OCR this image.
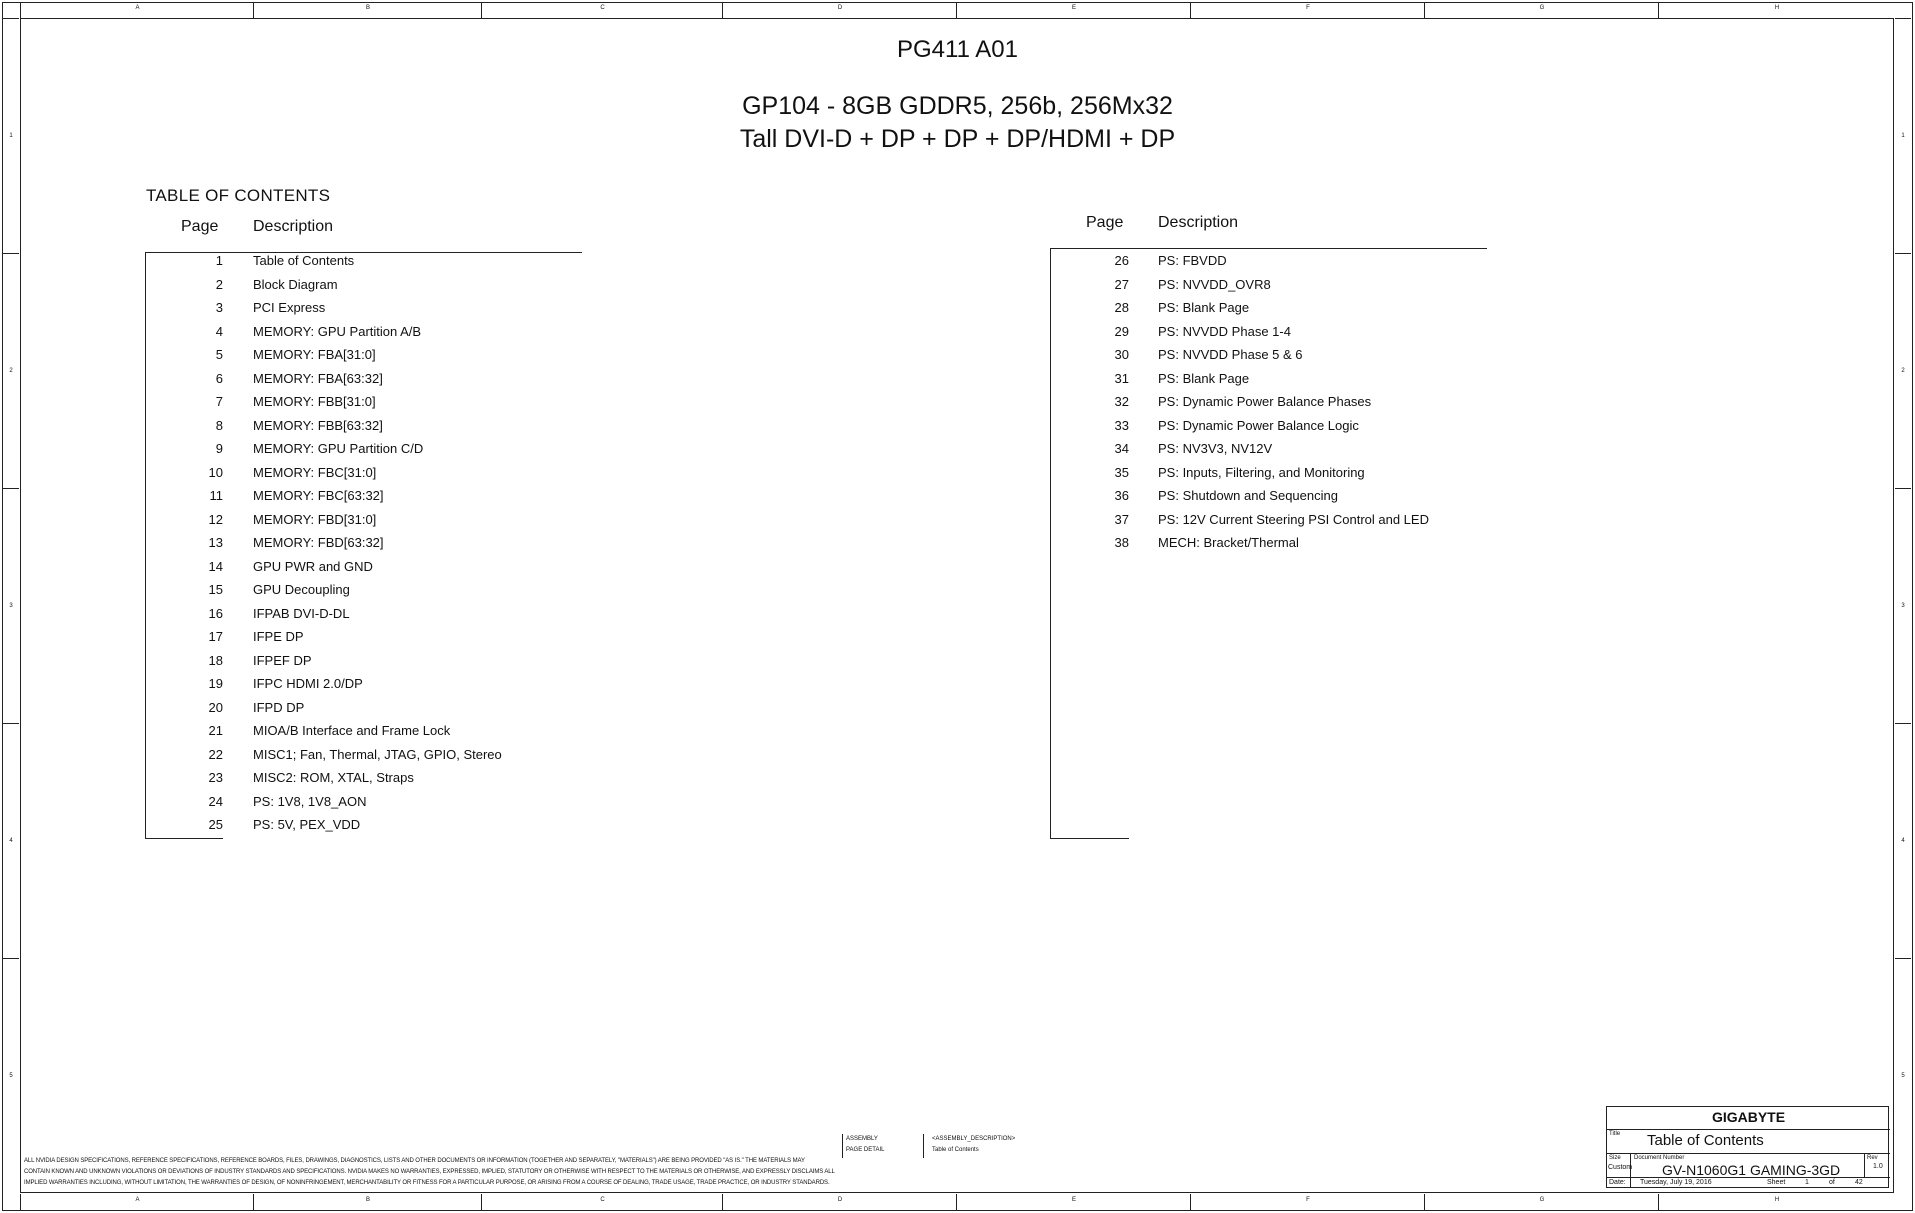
A	B	C	D	E	F	G	H
A	B	C	D	E	F	G	H
1
2
3
4
5
1
2
3
4
5
PG411 A01
GP104 - 8GB GDDR5, 256b, 256Mx32
Tall DVI-D + DP + DP + DP/HDMI + DP
TABLE OF CONTENTS
Page Description	Page Description
1 Table of Contents
2 Block Diagram
3 PCI Express
4 MEMORY: GPU Partition A/B
5 MEMORY: FBA[31:0]
6 MEMORY: FBA[63:32]
7 MEMORY: FBB[31:0]
8 MEMORY: FBB[63:32]
9 MEMORY: GPU Partition C/D
10 MEMORY: FBC[31:0]
11 MEMORY: FBC[63:32]
12 MEMORY: FBD[31:0]
13 MEMORY: FBD[63:32]
14 GPU PWR and GND
15 GPU Decoupling
16 IFPAB DVI-D-DL
17 IFPE DP
18 IFPEF DP
19 IFPC HDMI 2.0/DP
20 IFPD DP
21 MIOA/B Interface and Frame Lock
22 MISC1; Fan, Thermal, JTAG, GPIO, Stereo
23 MISC2: ROM, XTAL, Straps
24 PS: 1V8, 1V8_AON
25 PS: 5V, PEX_VDD
26 PS: FBVDD
27 PS: NVVDD_OVR8
28 PS: Blank Page
29 PS: NVVDD Phase 1-4
30 PS: NVVDD Phase 5 & 6
31 PS: Blank Page
32 PS: Dynamic Power Balance Phases
33 PS: Dynamic Power Balance Logic
34 PS: NV3V3, NV12V
35 PS: Inputs, Filtering, and Monitoring
36 PS: Shutdown and Sequencing
37 PS: 12V Current Steering PSI Control and LED
38 MECH: Bracket/Thermal
ASSEMBLY
PAGE DETAIL
<ASSEMBLY_DESCRIPTION>
Table of Contents
ALL NVIDIA DESIGN SPECIFICATIONS, REFERENCE SPECIFICATIONS, REFERENCE BOARDS, FILES, DRAWINGS, DIAGNOSTICS, LISTS AND OTHER DOCUMENTS OR INFORMATION (TOGETHER AND SEPARATELY, "MATERIALS") ARE BEING PROVIDED "AS IS." THE MATERIALS MAY
CONTAIN KNOWN AND UNKNOWN VIOLATIONS OR DEVIATIONS OF INDUSTRY STANDARDS AND SPECIFICATIONS. NVIDIA MAKES NO WARRANTIES, EXPRESSED, IMPLIED, STATUTORY OR OTHERWISE WITH RESPECT TO THE MATERIALS OR OTHERWISE, AND EXPRESSLY DISCLAIMS ALL
IMPLIED WARRANTIES INCLUDING, WITHOUT LIMITATION, THE WARRANTIES OF DESIGN, OF NONINFRINGEMENT, MERCHANTABILITY OR FITNESS FOR A PARTICULAR PURPOSE, OR ARISING FROM A COURSE OF DEALING, TRADE USAGE, TRADE PRACTICE, OR INDUSTRY STANDARDS.
GIGABYTE
Title Table of Contents
Size
Custom
Document Number
GV-N1060G1 GAMING-3GD
Rev
1.0
Date: Tuesday, July 19, 2016	Sheet	1	of	42
